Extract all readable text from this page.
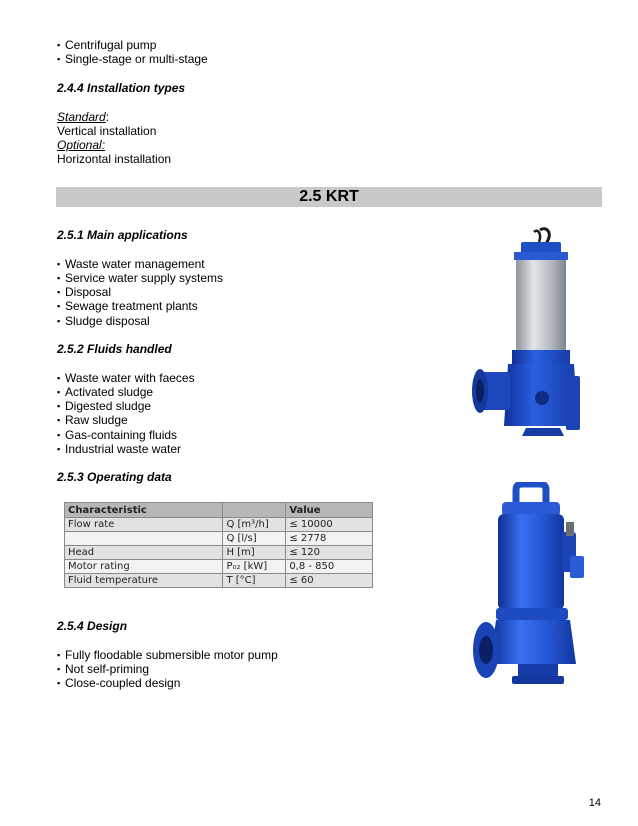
▪ Centrifugal pump
▪ Single-stage or multi-stage
2.4.4 Installation types
Standard:
Vertical installation
Optional:
Horizontal installation
2.5 KRT
2.5.1 Main applications
▪ Waste water management
▪ Service water supply systems
▪ Disposal
▪ Sewage treatment plants
▪ Sludge disposal
2.5.2 Fluids handled
▪ Waste water with faeces
▪ Activated sludge
▪ Digested sludge
▪ Raw sludge
▪ Gas-containing fluids
▪ Industrial waste water
2.5.3 Operating data
Characteristic		Value
Flow rate	Q [m³/h]	≤ 10000
	Q [l/s]	≤ 2778
Head	H [m]	≤ 120
Motor rating	P₀₂ [kW]	0,8 - 850
Fluid temperature	T [°C]	≤ 60
2.5.4 Design
▪ Fully floodable submersible motor pump
▪ Not self-priming
▪ Close-coupled design
14
